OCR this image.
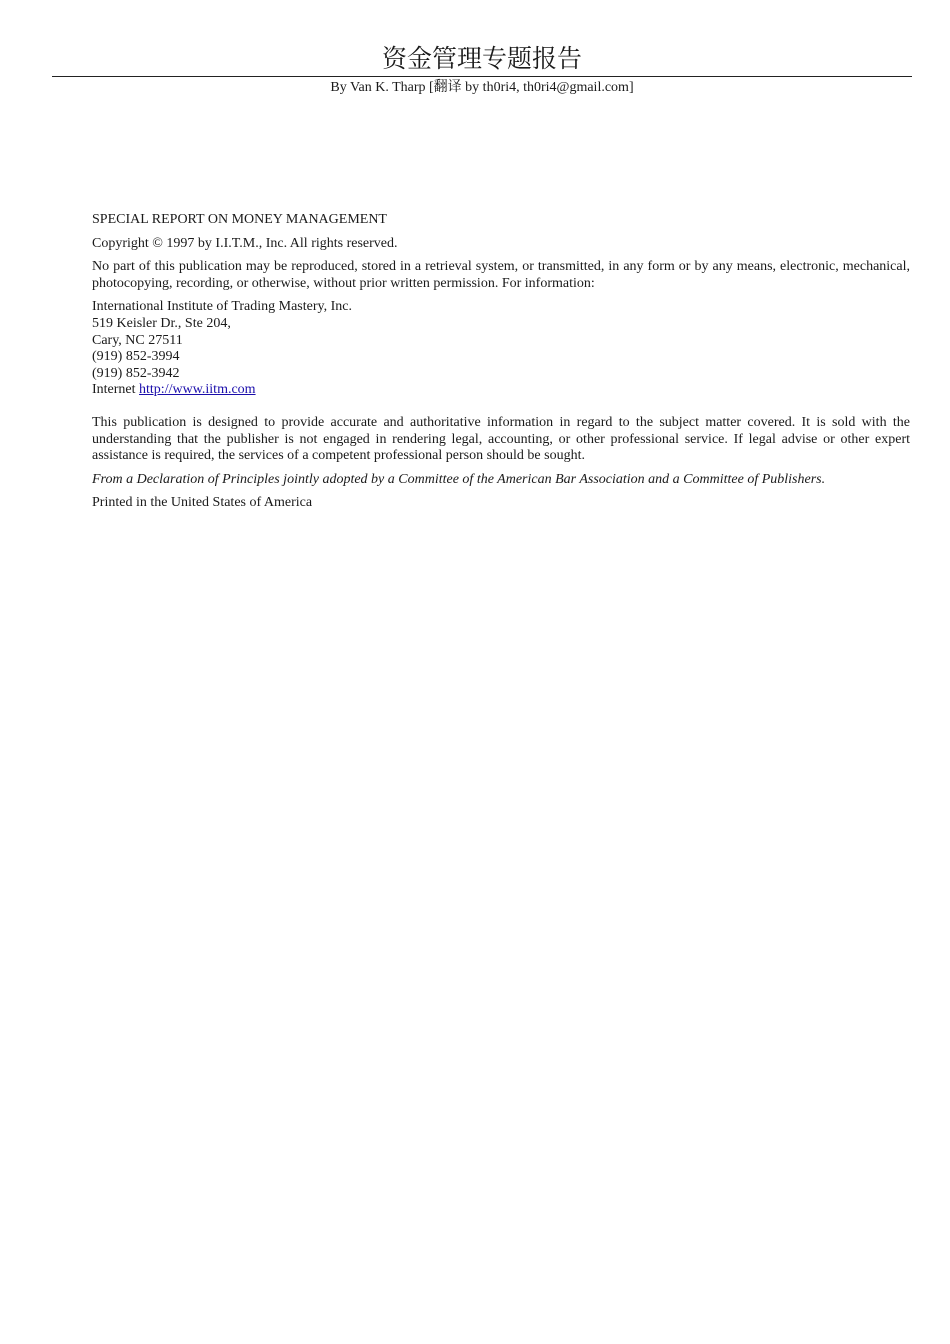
资金管理专题报告
By Van K. Tharp [翻译 by th0ri4, th0ri4@gmail.com]

SPECIAL REPORT ON MONEY MANAGEMENT

Copyright © 1997 by I.I.T.M., Inc. All rights reserved.

No part of this publication may be reproduced, stored in a retrieval system, or transmitted, in any form or by any means, electronic, mechanical, photocopying, recording, or otherwise, without prior written permission. For information:

International Institute of Trading Mastery, Inc.
519 Keisler Dr., Ste 204,
Cary, NC 27511
(919) 852-3994
(919) 852-3942
Internet http://www.iitm.com

This publication is designed to provide accurate and authoritative information in regard to the subject matter covered. It is sold with the understanding that the publisher is not engaged in rendering legal, accounting, or other professional service. If legal advise or other expert assistance is required, the services of a competent professional person should be sought.

From a Declaration of Principles jointly adopted by a Committee of the American Bar Association and a Committee of Publishers.

Printed in the United States of America
